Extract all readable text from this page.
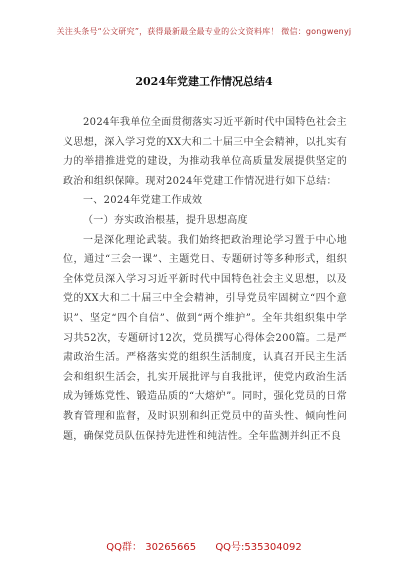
关注头条号“公文研究”，获得最新最全最专业的公文资料库！ 微信：gongwenyj
2024年党建工作情况总结4

2024年我单位全面贯彻落实习近平新时代中国特色社会主义思想，深入学习党的XX大和二十届三中全会精神，以扎实有力的举措推进党的建设，为推动我单位高质量发展提供坚定的政治和组织保障。现对2024年党建工作情况进行如下总结：

一、2024年党建工作成效

（一）夯实政治根基，提升思想高度

一是深化理论武装。我们始终把政治理论学习置于中心地位，通过“三会一课”、主题党日、专题研讨等多种形式，组织全体党员深入学习习近平新时代中国特色社会主义思想，以及党的XX大和二十届三中全会精神，引导党员牢固树立“四个意识”、坚定“四个自信”、做到“两个维护”。全年共组织集中学习共52次，专题研讨12次，党员撰写心得体会200篇。二是严肃政治生活。严格落实党的组织生活制度，认真召开民主生活会和组织生活会，扎实开展批评与自我批评，使党内政治生活成为锤炼党性、锻造品质的“大熔炉”。同时，强化党员的日常教育管理和监督，及时识别和纠正党员中的苗头性、倾向性问题，确保党员队伍保持先进性和纯洁性。全年监测并纠正不良

QQ群： 30265665 QQ号:535304092
